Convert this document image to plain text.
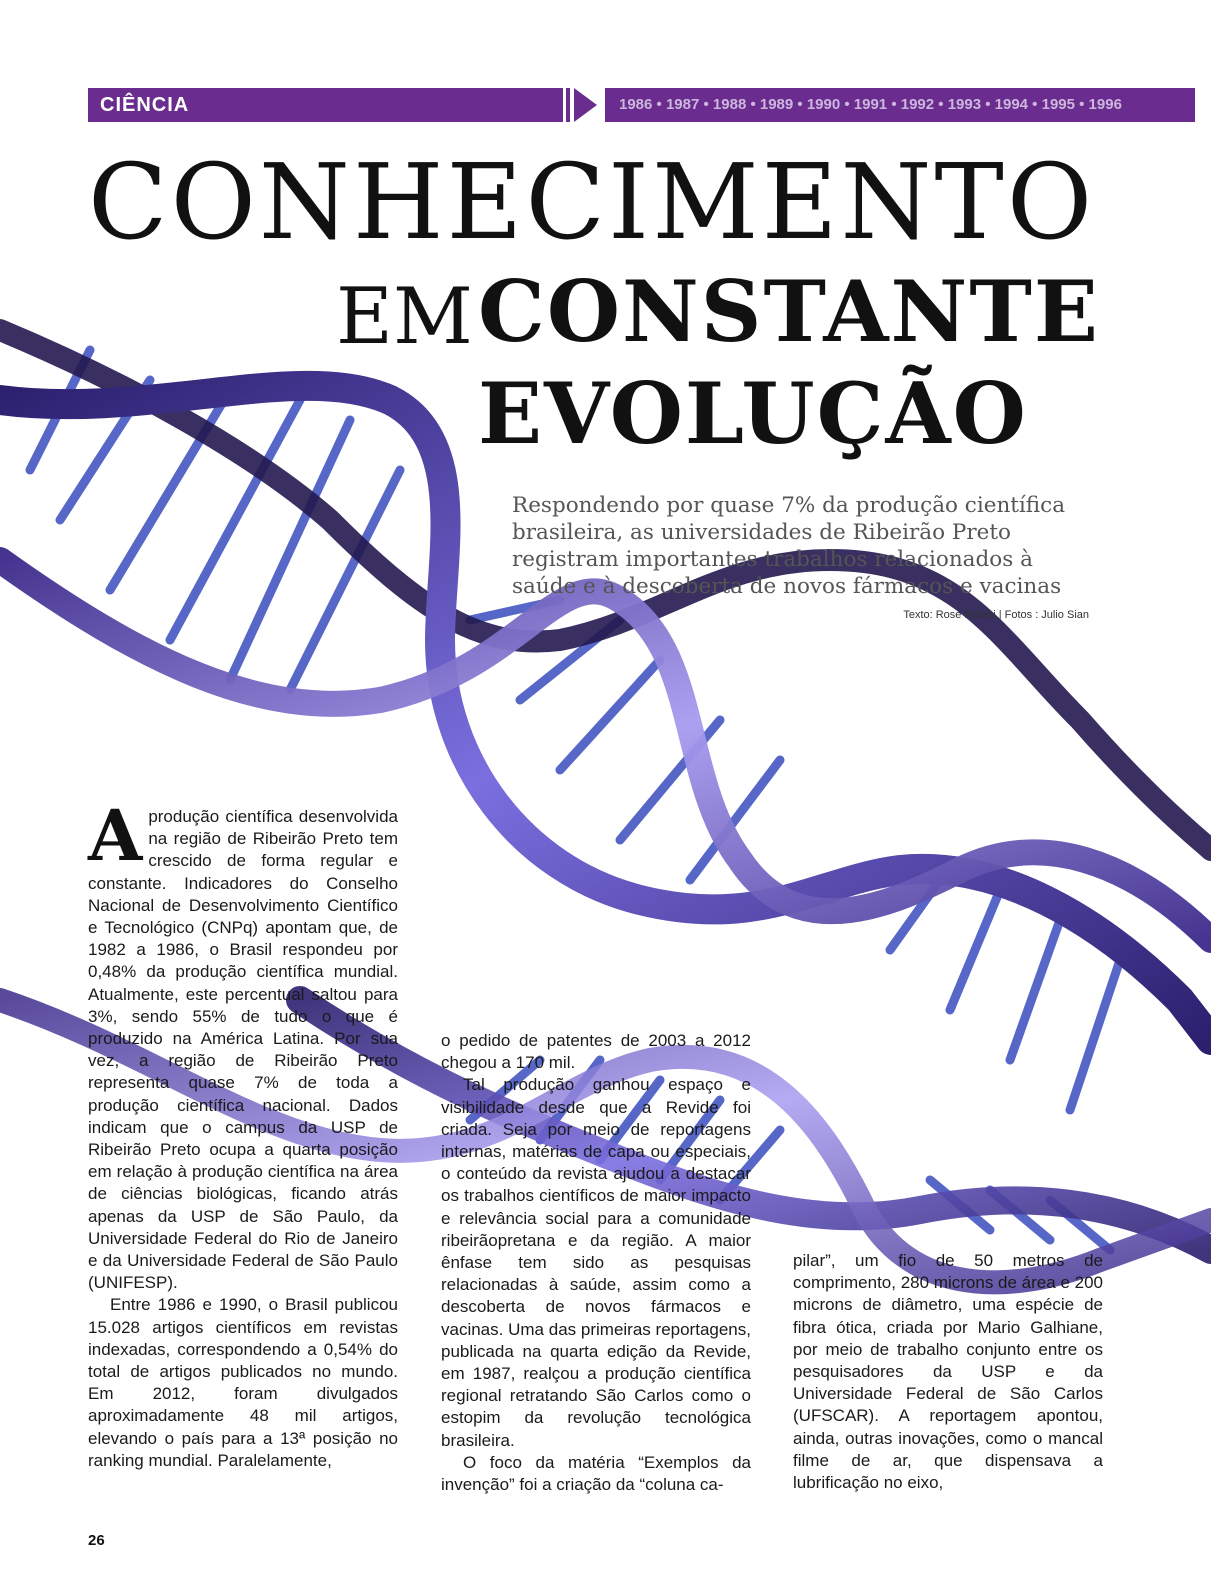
CIÊNCIA	1986 • 1987 • 1988 • 1989 • 1990 • 1991 • 1992 • 1993 • 1994 • 1995 • 1996
CONHECIMENTO
EM CONSTANTE
EVOLUÇÃO
Respondendo por quase 7% da produção científica brasileira, as universidades de Ribeirão Preto registram importantes trabalhos relacionados à saúde e à descoberta de novos fármacos e vacinas
Texto: Rose Rubini | Fotos : Julio Sian

Aprodução científica desenvolvida na região de Ribeirão Preto tem crescido de forma regular e constante. Indicadores do Conselho Nacional de Desenvolvimento Científico e Tecnológico (CNPq) apontam que, de 1982 a 1986, o Brasil respondeu por 0,48% da produção científica mundial. Atualmente, este percentual saltou para 3%, sendo 55% de tudo o que é produzido na América Latina. Por sua vez, a região de Ribeirão Preto representa quase 7% de toda a produção científica nacional. Dados indicam que o campus da USP de Ribeirão Preto ocupa a quarta posição em relação à produção científica na área de ciências biológicas, ficando atrás apenas da USP de São Paulo, da Universidade Federal do Rio de Janeiro e da Universidade Federal de São Paulo (UNIFESP).

Entre 1986 e 1990, o Brasil publicou 15.028 artigos científicos em revistas indexadas, correspondendo a 0,54% do total de artigos publicados no mundo. Em 2012, foram divulgados aproximadamente 48 mil artigos, elevando o país para a 13ª posição no ranking mundial. Paralelamente,

o pedido de patentes de 2003 a 2012 chegou a 170 mil.

Tal produção ganhou espaço e visibilidade desde que a Revide foi criada. Seja por meio de reportagens internas, matérias de capa ou especiais, o conteúdo da revista ajudou a destacar os trabalhos científicos de maior impacto e relevância social para a comunidade ribeirãopretana e da região. A maior ênfase tem sido as pesquisas relacionadas à saúde, assim como a descoberta de novos fármacos e vacinas. Uma das primeiras reportagens, publicada na quarta edição da Revide, em 1987, realçou a produção científica regional retratando São Carlos como o estopim da revolução tecnológica brasileira.

O foco da matéria “Exemplos da invenção” foi a criação da “coluna ca-

pilar”, um fio de 50 metros de comprimento, 280 microns de área e 200 microns de diâmetro, uma espécie de fibra ótica, criada por Mario Galhiane, por meio de trabalho conjunto entre os pesquisadores da USP e da Universidade Federal de São Carlos (UFSCAR). A reportagem apontou, ainda, outras inovações, como o mancal filme de ar, que dispensava a lubrificação no eixo,

26
